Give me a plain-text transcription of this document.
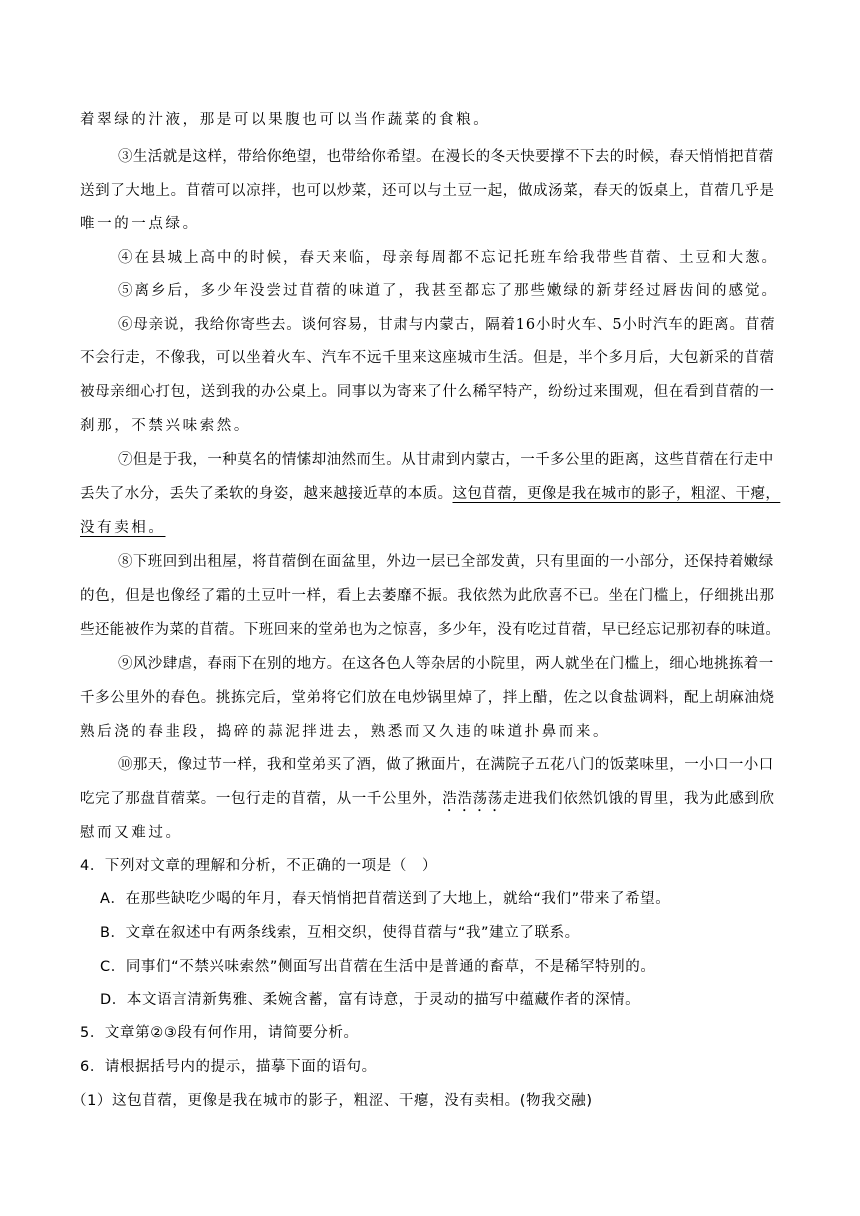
着翠绿的汁液，那是可以果腹也可以当作蔬菜的食粮。

③生活就是这样，带给你绝望，也带给你希望。在漫长的冬天快要撑不下去的时候，春天悄悄把苜蓿

送到了大地上。苜蓿可以凉拌，也可以炒菜，还可以与土豆一起，做成汤菜，春天的饭桌上，苜蓿几乎是

唯一的一点绿。

④在县城上高中的时候，春天来临，母亲每周都不忘记托班车给我带些苜蓿、土豆和大葱。

⑤离乡后，多少年没尝过苜蓿的味道了，我甚至都忘了那些嫩绿的新芽经过唇齿间的感觉。

⑥母亲说，我给你寄些去。谈何容易，甘肃与内蒙古，隔着16小时火车、5小时汽车的距离。苜蓿

不会行走，不像我，可以坐着火车、汽车不远千里来这座城市生活。但是，半个多月后，大包新采的苜蓿

被母亲细心打包，送到我的办公桌上。同事以为寄来了什么稀罕特产，纷纷过来围观，但在看到苜蓿的一

刹那，不禁兴味索然。

⑦但是于我，一种莫名的情愫却油然而生。从甘肃到内蒙古，一千多公里的距离，这些苜蓿在行走中

丢失了水分，丢失了柔软的身姿，越来越接近草的本质。这包苜蓿，更像是我在城市的影子，粗涩、干瘪，

没有卖相。

⑧下班回到出租屋，将苜蓿倒在面盆里，外边一层已全部发黄，只有里面的一小部分，还保持着嫩绿

的色，但是也像经了霜的土豆叶一样，看上去萎靡不振。我依然为此欣喜不已。坐在门槛上，仔细挑出那

些还能被作为菜的苜蓿。下班回来的堂弟也为之惊喜，多少年，没有吃过苜蓿，早已经忘记那初春的味道。

⑨风沙肆虐，春雨下在别的地方。在这各色人等杂居的小院里，两人就坐在门槛上，细心地挑拣着一

千多公里外的春色。挑拣完后，堂弟将它们放在电炒锅里焯了，拌上醋，佐之以食盐调料，配上胡麻油烧

熟后浇的春韭段，捣碎的蒜泥拌进去，熟悉而又久违的味道扑鼻而来。

⑩那天，像过节一样，我和堂弟买了酒，做了揪面片，在满院子五花八门的饭菜味里，一小口一小口

吃完了那盘苜蓿菜。一包行走的苜蓿，从一千公里外，浩浩荡荡走进我们依然饥饿的胃里，我为此感到欣

慰而又难过。

4．下列对文章的理解和分析，不正确的一项是（　）

A．在那些缺吃少喝的年月，春天悄悄把苜蓿送到了大地上，就给“我们”带来了希望。

B．文章在叙述中有两条线索，互相交织，使得苜蓿与“我”建立了联系。

C．同事们“不禁兴味索然”侧面写出苜蓿在生活中是普通的畜草，不是稀罕特别的。

D．本文语言清新隽雅、柔婉含蓄，富有诗意，于灵动的描写中蕴藏作者的深情。

5．文章第②③段有何作用，请简要分析。

6．请根据括号内的提示，描摹下面的语句。

（1）这包苜蓿，更像是我在城市的影子，粗涩、干瘪，没有卖相。(物我交融)
